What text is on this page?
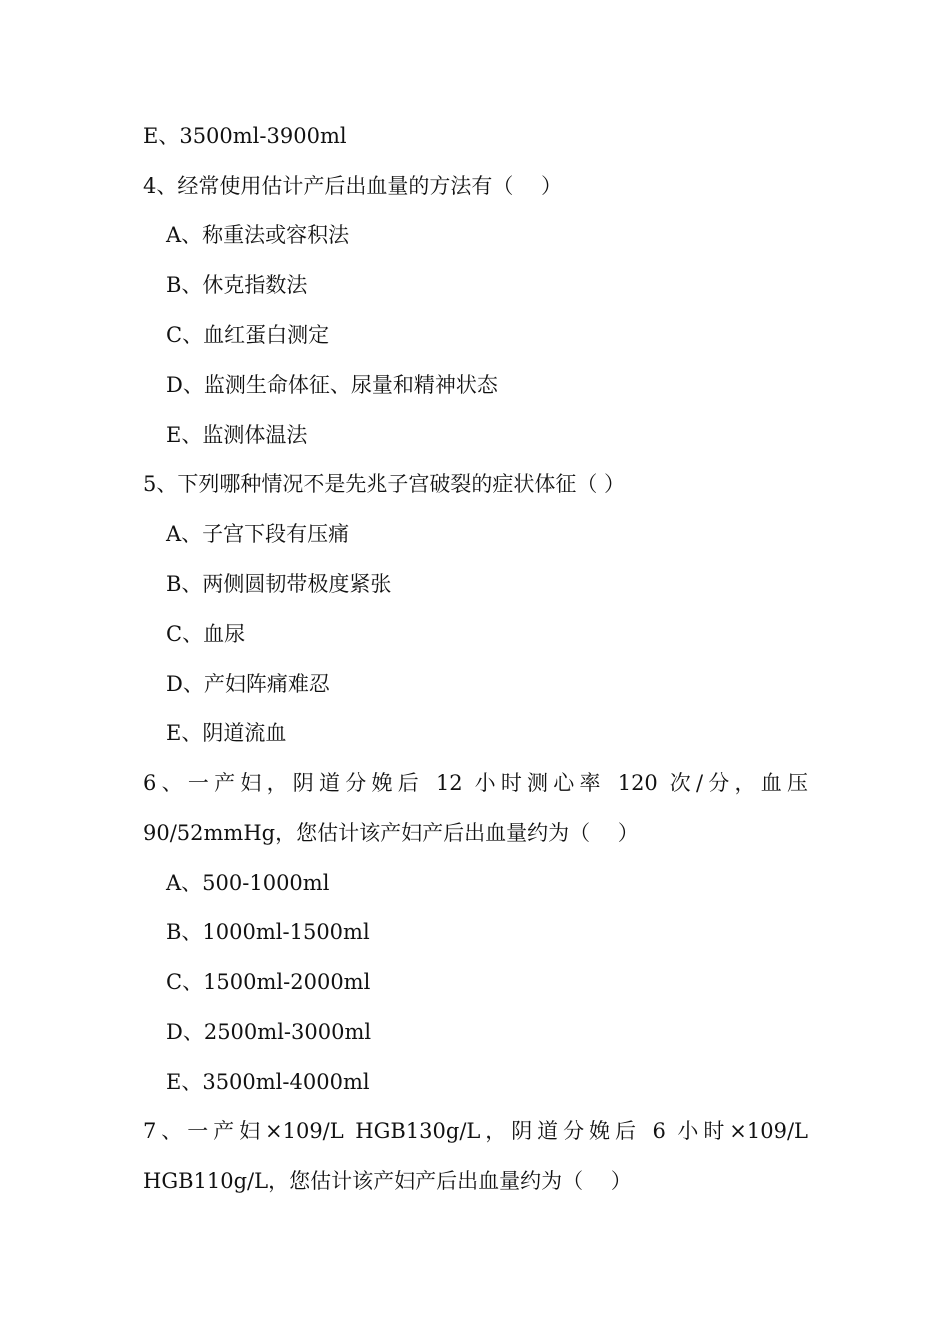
E、3500ml-3900ml
4、经常使用估计产后出血量的方法有（　 ）
A、称重法或容积法
B、休克指数法
C、血红蛋白测定
D、监测生命体征、尿量和精神状态
E、监测体温法
5、下列哪种情况不是先兆子宫破裂的症状体征（ ）
A、子宫下段有压痛
B、两侧圆韧带极度紧张
C、血尿
D、产妇阵痛难忍
E、阴道流血
6、一产妇，阴道分娩后 12 小时测心率 120 次/分，血压
90/52mmHg，您估计该产妇产后出血量约为（　 ）
A、500-1000ml
B、1000ml-1500ml
C、1500ml-2000ml
D、2500ml-3000ml
E、3500ml-4000ml
7、一产妇×109/L HGB130g/L，阴道分娩后 6 小时×109/L
HGB110g/L，您估计该产妇产后出血量约为（　 ）
